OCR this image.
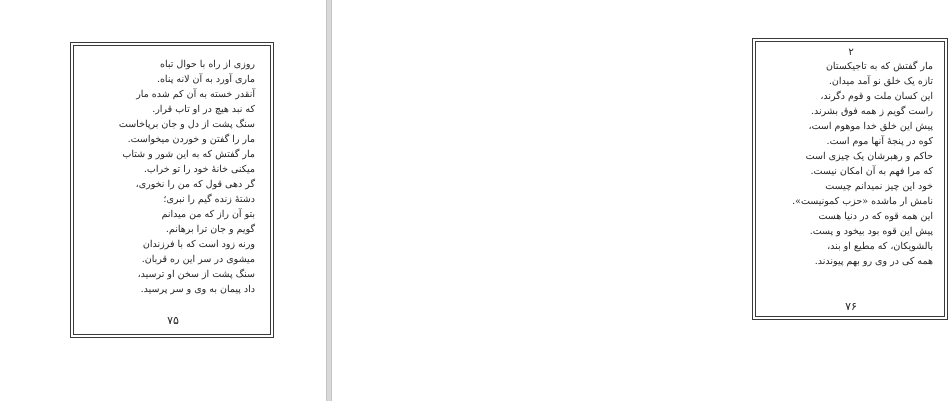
روزی از راه با حوال تباه
ماری آورد به آن لانه پناه.
آنقدر خسته به آن کم شده مار
که نبد هیچ در او تاب قرار.
سنگ پشت از دل و جان برپاخاست
مار را گفتن و خوردن میخواست.
مار گفتش که به این شور و شتاب
میکنی خانهٔ خود را تو خراب.
گر دهی قول که من را نخوری،
دشتهٔ زنده گیم را نبری؛
بتو آن راز که من میدانم
گویم و جان ترا برهانم.
ورنه زود است که با فرزندان
میشوی در سر این ره قربان.
سنگ پشت از سخن او ترسید،
داد پیمان به وی و سر پرسید.
۷۵
۲
مار گفتش که به تاجیکستان
تازه یک خلق نو آمد میدان.
این کسان ملت و قوم دگرند،
راست گویم ز همه فوق بشرند.
پیش این خلق خدا موهوم است،
کوه در پنجهٔ آنها موم است.
حاکم و رهبرشان یک چیزی است
که مرا فهم به آن امکان نیست.
خود این چیز نمیدانم چیست
نامش ار ماشده «حزب کمونیست».
این همه قوه که در دنیا هست
پیش این قوه بود بیخود و پست.
بالشویکان، که مطیع او بند،
همه کی در وی رو بهم پیوندند.
۷۶
